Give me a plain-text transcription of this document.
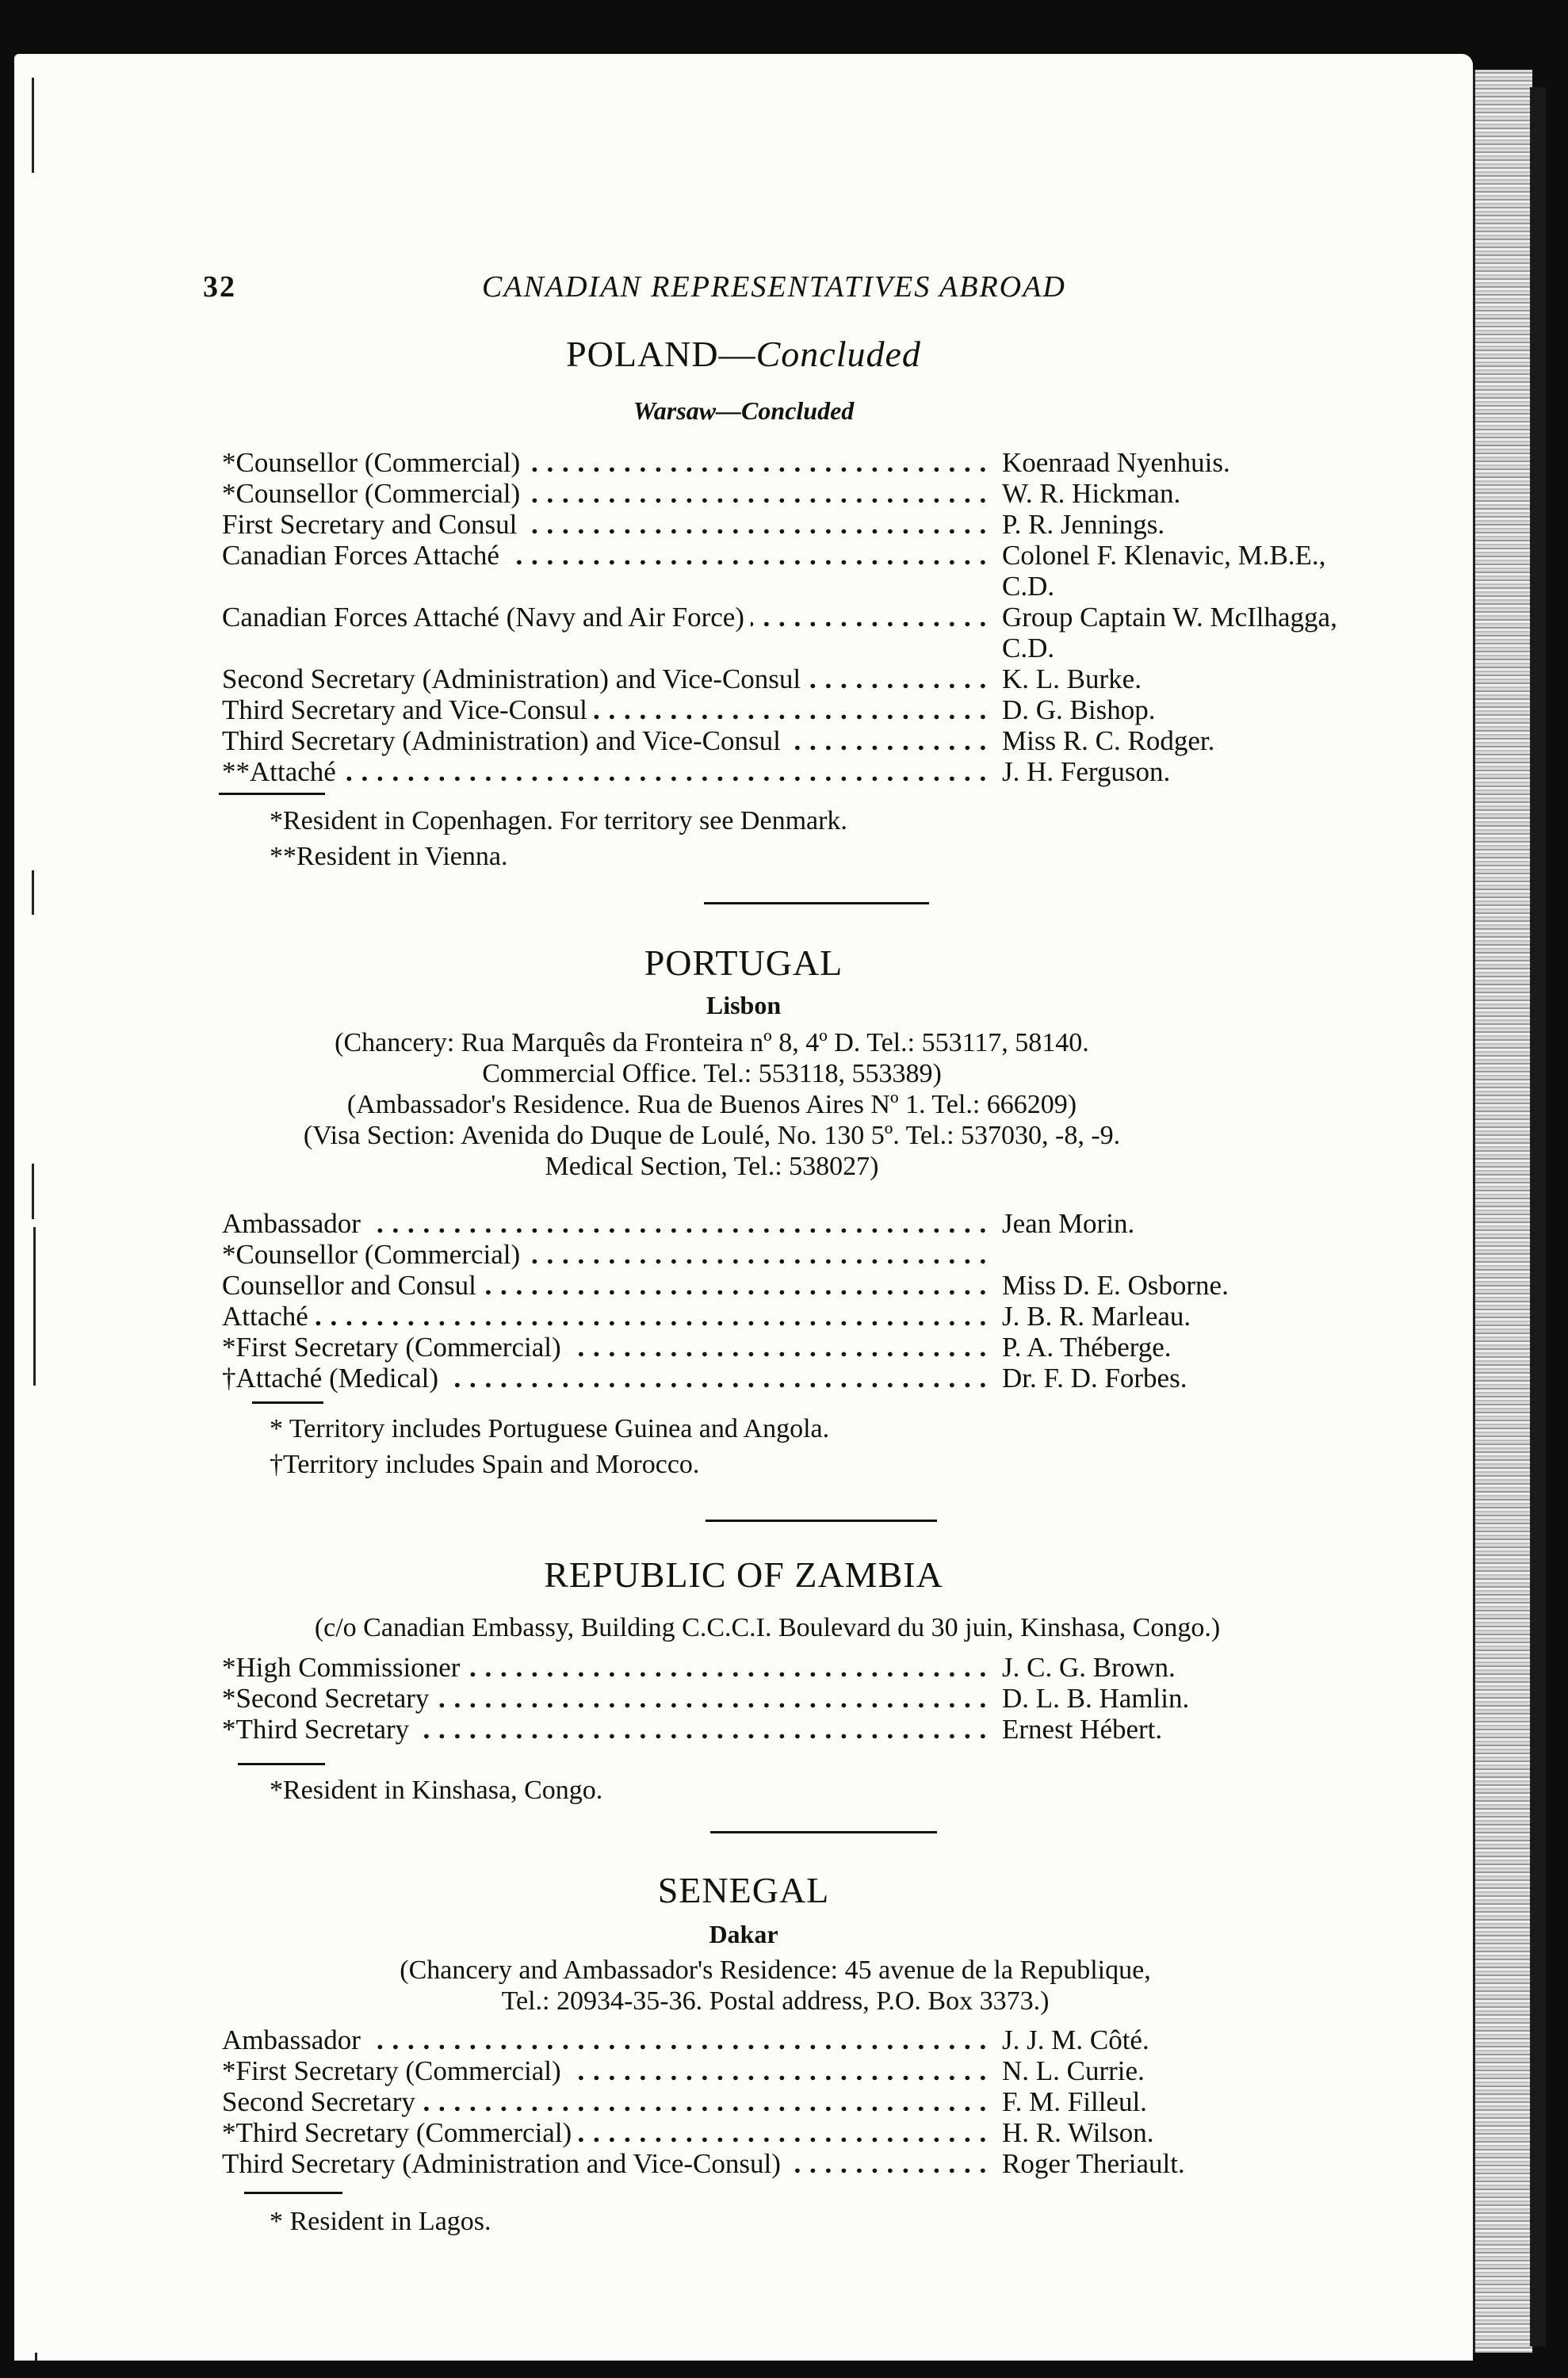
32	CANADIAN REPRESENTATIVES ABROAD
POLAND—Concluded
Warsaw—Concluded
*Counsellor (Commercial) . . .	Koenraad Nyenhuis.
*Counsellor (Commercial) . . .	W. R. Hickman.
First Secretary and Consul . . .	P. R. Jennings.
Canadian Forces Attaché . . .	Colonel F. Klenavic, M.B.E.,
C.D.
Canadian Forces Attaché (Navy and Air Force) . . .	Group Captain W. McIlhagga,
C.D.
Second Secretary (Administration) and Vice-Consul . . .	K. L. Burke.
Third Secretary and Vice-Consul . . .	D. G. Bishop.
Third Secretary (Administration) and Vice-Consul . . .	Miss R. C. Rodger.
**Attaché . . .	J. H. Ferguson.
*Resident in Copenhagen. For territory see Denmark.
**Resident in Vienna.
PORTUGAL
Lisbon
(Chancery: Rua Marquês da Fronteira nº 8, 4º D. Tel.: 553117, 58140.
Commercial Office. Tel.: 553118, 553389)
(Ambassador's Residence. Rua de Buenos Aires Nº 1. Tel.: 666209)
(Visa Section: Avenida do Duque de Loulé, No. 130 5º. Tel.: 537030, -8, -9.
Medical Section, Tel.: 538027)
Ambassador . . .	Jean Morin.
*Counsellor (Commercial) . . .
Counsellor and Consul . . .	Miss D. E. Osborne.
Attaché . . .	J. B. R. Marleau.
*First Secretary (Commercial) . . .	P. A. Théberge.
†Attaché (Medical) . . .	Dr. F. D. Forbes.
* Territory includes Portuguese Guinea and Angola.
†Territory includes Spain and Morocco.
REPUBLIC OF ZAMBIA
(c/o Canadian Embassy, Building C.C.C.I. Boulevard du 30 juin, Kinshasa, Congo.)
*High Commissioner . . .	J. C. G. Brown.
*Second Secretary . . .	D. L. B. Hamlin.
*Third Secretary . . .	Ernest Hébert.
*Resident in Kinshasa, Congo.
SENEGAL
Dakar
(Chancery and Ambassador's Residence: 45 avenue de la Republique,
Tel.: 20934-35-36. Postal address, P.O. Box 3373.)
Ambassador . . .	J. J. M. Côté.
*First Secretary (Commercial) . . .	N. L. Currie.
Second Secretary . . .	F. M. Filleul.
*Third Secretary (Commercial) . . .	H. R. Wilson.
Third Secretary (Administration and Vice-Consul) . . .	Roger Theriault.
* Resident in Lagos.
